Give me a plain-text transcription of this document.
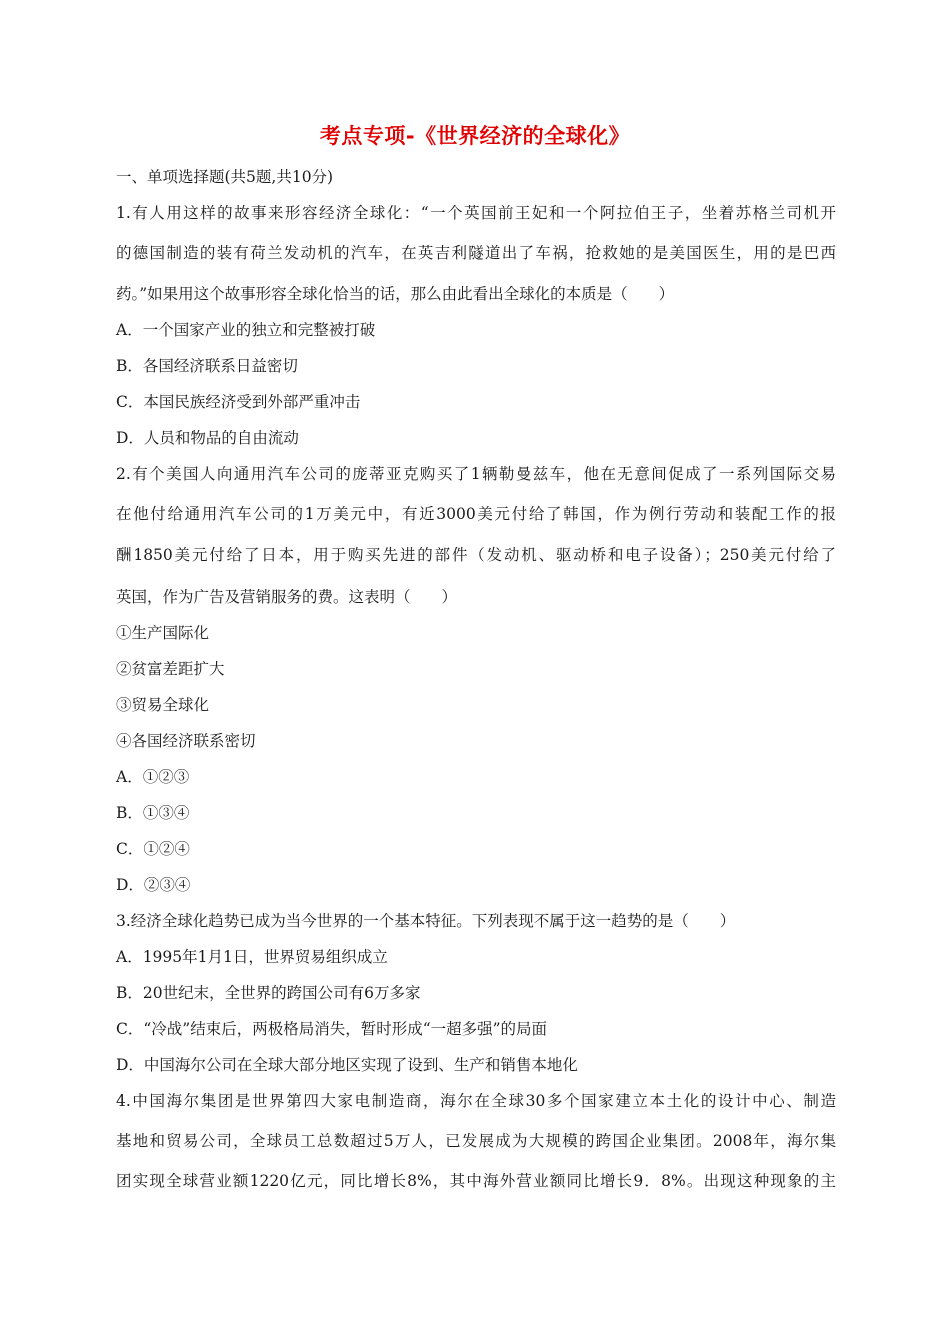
考点专项-《世界经济的全球化》
一、单项选择题(共5题,共10分)
1.有人用这样的故事来形容经济全球化：“一个英国前王妃和一个阿拉伯王子，坐着苏格兰司机开
的德国制造的装有荷兰发动机的汽车，在英吉利隧道出了车祸，抢救她的是美国医生，用的是巴西
药。”如果用这个故事形容全球化恰当的话，那么由此看出全球化的本质是（　　）
A．一个国家产业的独立和完整被打破
B．各国经济联系日益密切
C．本国民族经济受到外部严重冲击
D．人员和物品的自由流动
2.有个美国人向通用汽车公司的庞蒂亚克购买了1辆勒曼兹车，他在无意间促成了一系列国际交易
在他付给通用汽车公司的1万美元中，有近3000美元付给了韩国，作为例行劳动和装配工作的报
酬1850美元付给了日本，用于购买先进的部件（发动机、驱动桥和电子设备）；250美元付给了
英国，作为广告及营销服务的费。这表明（　　）
①生产国际化
②贫富差距扩大
③贸易全球化
④各国经济联系密切
A．①②③
B．①③④
C．①②④
D．②③④
3.经济全球化趋势已成为当今世界的一个基本特征。下列表现不属于这一趋势的是（　　）
A．1995年1月1日，世界贸易组织成立
B．20世纪末，全世界的跨国公司有6万多家
C．“冷战”结束后，两极格局消失，暂时形成“一超多强”的局面
D．中国海尔公司在全球大部分地区实现了设到、生产和销售本地化
4.中国海尔集团是世界第四大家电制造商，海尔在全球30多个国家建立本土化的设计中心、制造
基地和贸易公司，全球员工总数超过5万人，已发展成为大规模的跨国企业集团。2008年，海尔集
团实现全球营业额1220亿元，同比增长8%，其中海外营业额同比增长9．8%。出现这种现象的主
